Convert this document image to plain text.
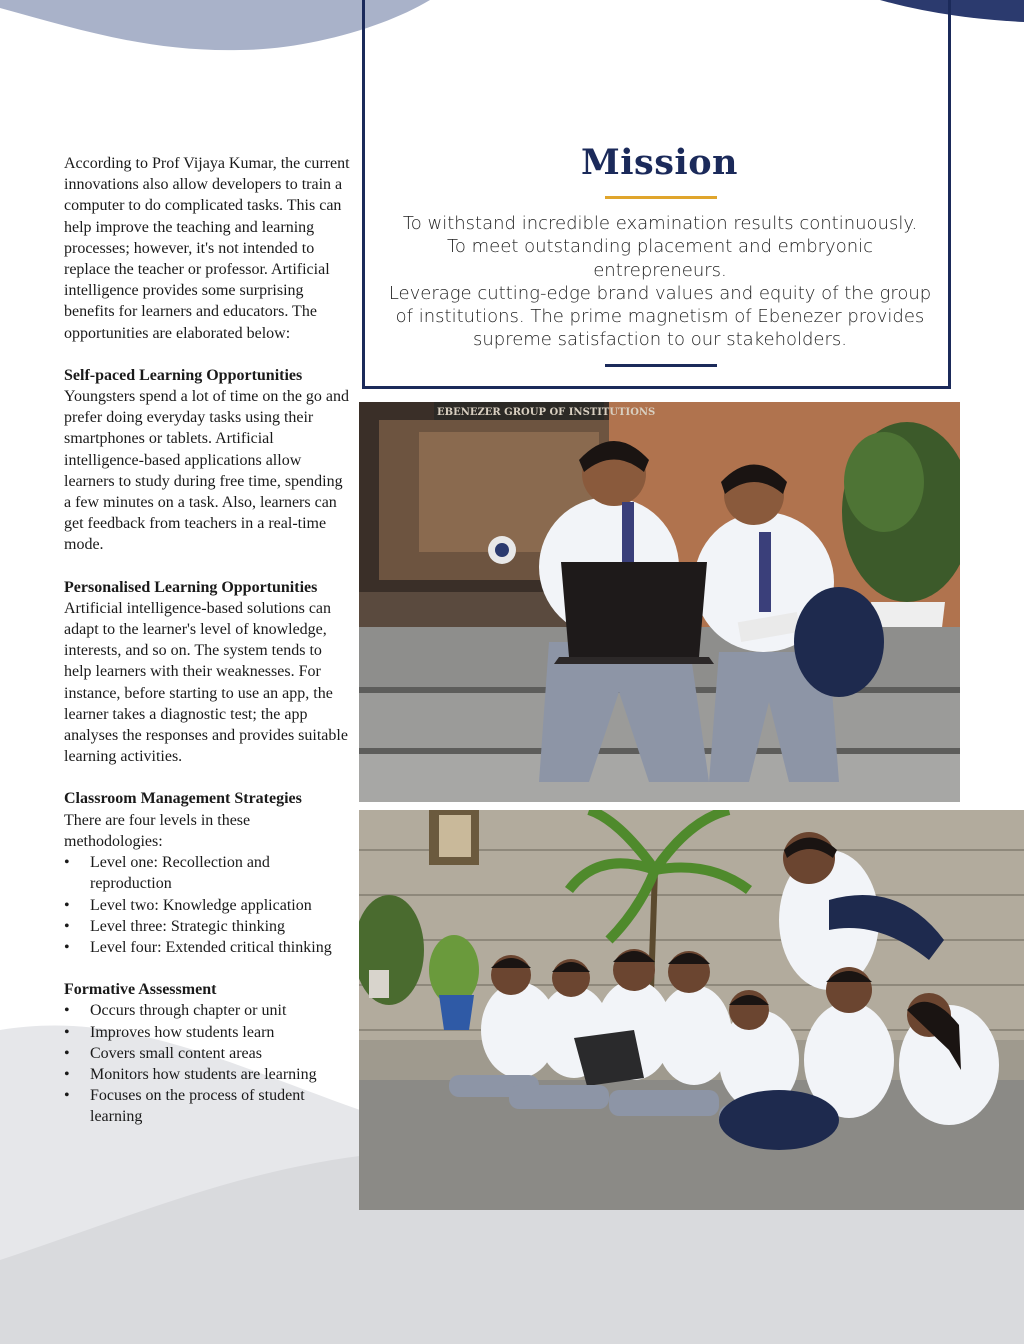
According to Prof Vijaya Kumar, the current innovations also allow developers to train a computer to do complicated tasks. This can help improve the teaching and learning processes; however, it's not intended to replace the teacher or professor. Artificial intelligence provides some surprising benefits for learners and educators. The opportunities are elaborated below:

Self-paced Learning Opportunities

Youngsters spend a lot of time on the go and prefer doing everyday tasks using their smartphones or tablets. Artificial intelligence-based applications allow learners to study during free time, spending a few minutes on a task. Also, learners can get feedback from teachers in a real-time mode.

Personalised Learning Opportunities

Artificial intelligence-based solutions can adapt to the learner's level of knowledge, interests, and so on. The system tends to help learners with their weaknesses. For instance, before starting to use an app, the learner takes a diagnostic test; the app analyses the responses and provides suitable learning activities.

Classroom Management Strategies

There are four levels in these methodologies:

• Level one: Recollection and reproduction
• Level two: Knowledge application
• Level three: Strategic thinking
• Level four: Extended critical thinking
Formative Assessment
• Occurs through chapter or unit
• Improves how students learn
• Covers small content areas
• Monitors how students are learning
• Focuses on the process of student learning
Mission

To withstand incredible examination results continuously.

To meet outstanding placement and embryonic entrepreneurs.

Leverage cutting-edge brand values and equity of the group of institutions. The prime magnetism of Ebenezer provides supreme satisfaction to our stakeholders.

EBENEZER GROUP OF INSTITUTIONS
